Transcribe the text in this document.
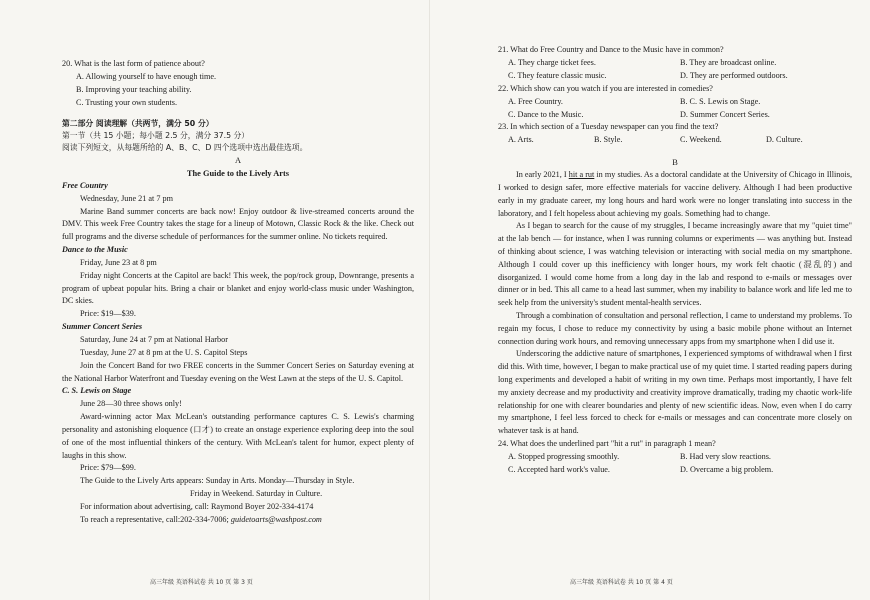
20. What is the last form of patience about?
A. Allowing yourself to have enough time.
B. Improving your teaching ability.
C. Trusting your own students.
第二部分 阅读理解（共两节，满分 50 分）
第一节（共 15 小题；每小题 2.5 分，满分 37.5 分）
阅读下列短文，从每题所给的 A、B、C、D 四个选项中选出最佳选项。
A
The Guide to the Lively Arts
Free Country
Wednesday, June 21 at 7 pm
Marine Band summer concerts are back now! Enjoy outdoor & live-streamed concerts around the DMV. This week Free Country takes the stage for a lineup of Motown, Classic Rock & the like. Check out full programs and the diverse schedule of performances for the summer online. No tickets required.
Dance to the Music
Friday, June 23 at 8 pm
Friday night Concerts at the Capitol are back! This week, the pop/rock group, Downrange, presents a program of upbeat popular hits. Bring a chair or blanket and enjoy world-class music under Washington, DC skies.
Price: $19—$39.
Summer Concert Series
Saturday, June 24 at 7 pm at National Harbor
Tuesday, June 27 at 8 pm at the U. S. Capitol Steps
Join the Concert Band for two FREE concerts in the Summer Concert Series on Saturday evening at the National Harbor Waterfront and Tuesday evening on the West Lawn at the steps of the U. S. Capitol.
C. S. Lewis on Stage
June 28—30 three shows only!
Award-winning actor Max McLean's outstanding performance captures C. S. Lewis's charming personality and astonishing eloquence (口才) to create an onstage experience exploring deep into the soul of one of the most influential thinkers of the century. With McLean's talent for humor, expect plenty of laughs in this show.
Price: $79—$99.
The Guide to the Lively Arts appears: Sunday in Arts. Monday—Thursday in Style.
Friday in Weekend. Saturday in Culture.
For information about advertising, call: Raymond Boyer 202-334-4174
To reach a representative, call:202-334-7006; guidetoarts@washpost.com
高三年级 英语科试卷 共 10 页 第 3 页
21. What do Free Country and Dance to the Music have in common?
A. They charge ticket fees.	B. They are broadcast online.
C. They feature classic music.	D. They are performed outdoors.
22. Which show can you watch if you are interested in comedies?
A. Free Country.	B. C. S. Lewis on Stage.
C. Dance to the Music.	D. Summer Concert Series.
23. In which section of a Tuesday newspaper can you find the text?
A. Arts.	B. Style.	C. Weekend.	D. Culture.
B
In early 2021, I hit a rut in my studies. As a doctoral candidate at the University of Chicago in Illinois, I worked to design safer, more effective materials for vaccine delivery. Although I had been productive early in my graduate career, my long hours and hard work were no longer translating into success in the laboratory, and I felt hopeless about achieving my goals. Something had to change.
As I began to search for the cause of my struggles, I became increasingly aware that my "quiet time" at the lab bench — for instance, when I was running columns or experiments — was anything but. Instead of thinking about science, I was watching television or interacting with social media on my smartphone. Although I could cover up this inefficiency with longer hours, my work felt chaotic (混乱的) and disorganized. I would come home from a long day in the lab and respond to e-mails or messages over dinner or in bed. This all came to a head last summer, when my inability to balance work and life led me to seek help from the university's student mental-health services.
Through a combination of consultation and personal reflection, I came to understand my problems. To regain my focus, I chose to reduce my connectivity by using a basic mobile phone without an Internet connection during work hours, and removing unnecessary apps from my smartphone when I did use it.
Underscoring the addictive nature of smartphones, I experienced symptoms of withdrawal when I first did this. With time, however, I began to make practical use of my quiet time. I started reading papers during long experiments and developed a habit of writing in my own time. Perhaps most importantly, I have felt my anxiety decrease and my productivity and creativity improve dramatically, trading my chaotic work-life relationship for one with clearer boundaries and plenty of new scientific ideas. Now, even when I do carry my smartphone, I feel less forced to check for e-mails or messages and can concentrate more closely on whatever task is at hand.
24. What does the underlined part "hit a rut" in paragraph 1 mean?
A. Stopped progressing smoothly.	B. Had very slow reactions.
C. Accepted hard work's value.	D. Overcame a big problem.
高三年级 英语科试卷 共 10 页 第 4 页
